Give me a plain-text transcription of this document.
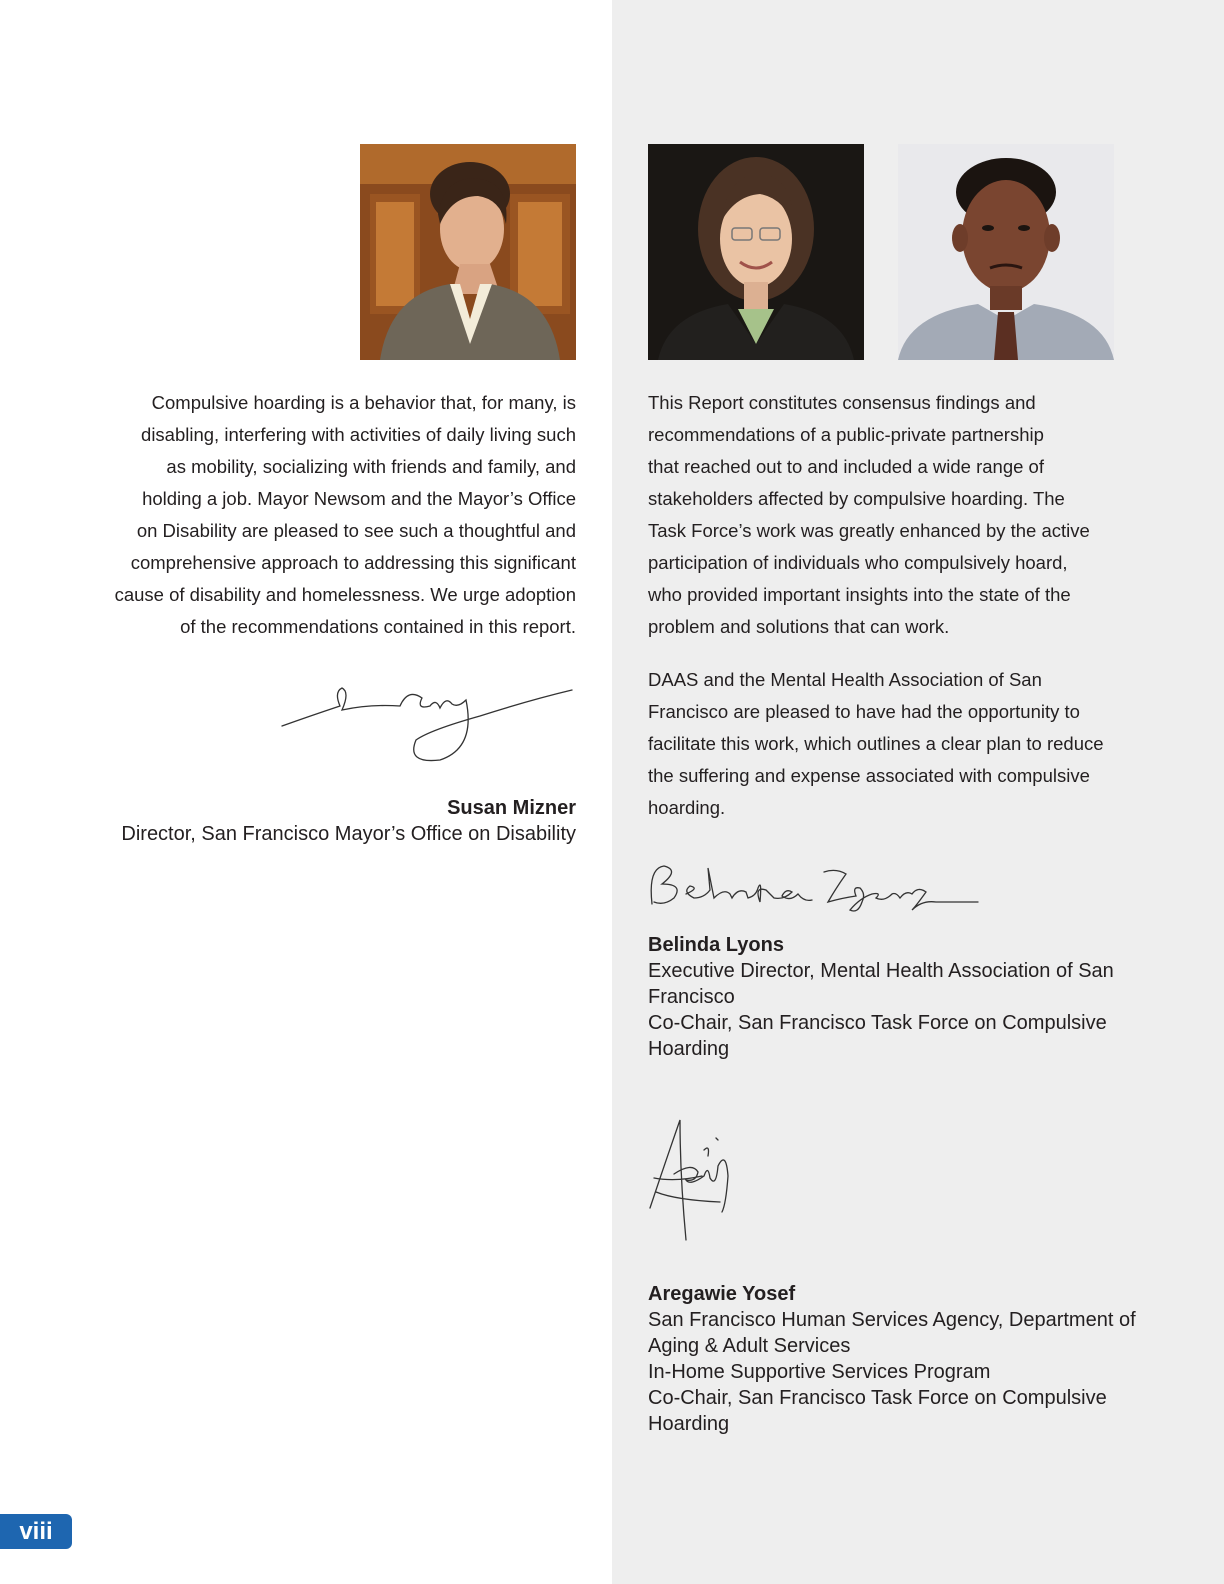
Compulsive hoarding is a behavior that, for many, is
disabling, interfering with activities of daily living such
as mobility, socializing with friends and family, and
holding a job. Mayor Newsom and the Mayor’s Office
on Disability are pleased to see such a thoughtful and
comprehensive approach to addressing this significant
cause of disability and homelessness. We urge adoption
of the recommendations contained in this report.
This Report constitutes consensus findings and
recommendations of a public-private partnership
that reached out to and included a wide range of
stakeholders affected by compulsive hoarding. The
Task Force’s work was greatly enhanced by the active
participation of individuals who compulsively hoard,
who provided important insights into the state of the
problem and solutions that can work.
DAAS and the Mental Health Association of San
Francisco are pleased to have had the opportunity to
facilitate this work, which outlines a clear plan to reduce
the suffering and expense associated with compulsive
hoarding.
Susan Mizner
Director, San Francisco Mayor’s Office on Disability
Belinda Lyons
Executive Director, Mental Health Association of San
Francisco
Co-Chair, San Francisco Task Force on Compulsive
Hoarding
Aregawie Yosef
San Francisco Human Services Agency, Department of
Aging & Adult Services
In-Home Supportive Services Program
Co-Chair, San Francisco Task Force on Compulsive
Hoarding
viii
